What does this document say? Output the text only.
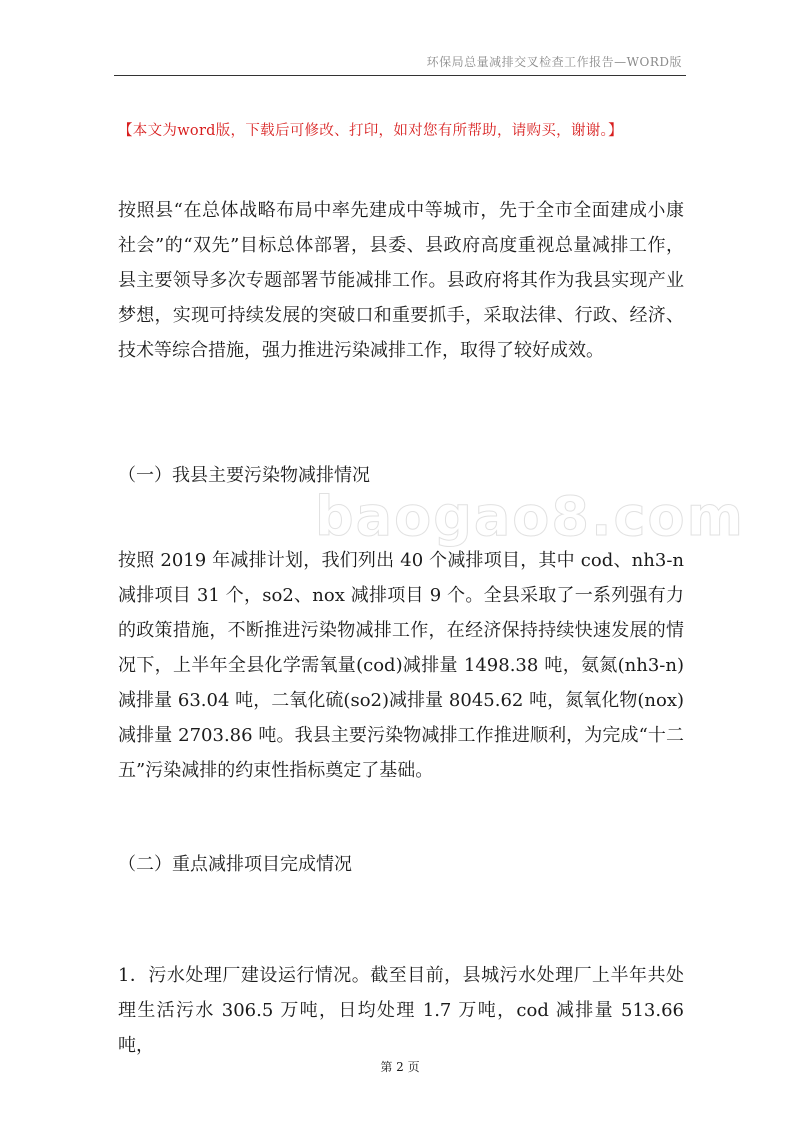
环保局总量减排交叉检查工作报告—WORD版
【本文为word版，下载后可修改、打印，如对您有所帮助，请购买，谢谢。】
按照县“在总体战略布局中率先建成中等城市，先于全市全面建成小康社会”的“双先”目标总体部署，县委、县政府高度重视总量减排工作，县主要领导多次专题部署节能减排工作。县政府将其作为我县实现产业梦想，实现可持续发展的突破口和重要抓手，采取法律、行政、经济、技术等综合措施，强力推进污染减排工作，取得了较好成效。
（一）我县主要污染物减排情况
baogao8.com
按照 2019 年减排计划，我们列出 40 个减排项目，其中 cod、nh3-n 减排项目 31 个，so2、nox 减排项目 9 个。全县采取了一系列强有力的政策措施，不断推进污染物减排工作，在经济保持持续快速发展的情况下，上半年全县化学需氧量(cod)减排量 1498.38 吨，氨氮(nh3-n)减排量 63.04 吨，二氧化硫(so2)减排量 8045.62 吨，氮氧化物(nox)减排量 2703.86 吨。我县主要污染物减排工作推进顺利，为完成“十二五”污染减排的约束性指标奠定了基础。
（二）重点减排项目完成情况
1．污水处理厂建设运行情况。截至目前，县城污水处理厂上半年共处理生活污水 306.5 万吨，日均处理 1.7 万吨，cod 减排量 513.66 吨，
第 2 页
